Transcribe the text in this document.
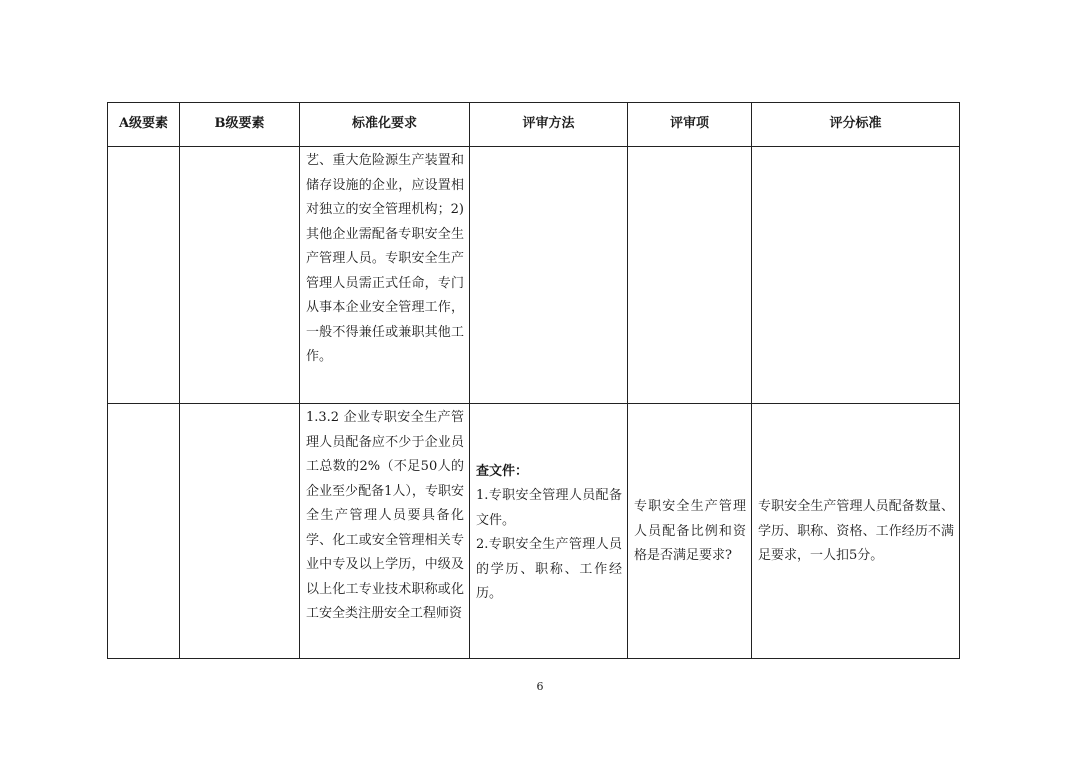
A级要素	B级要素	标准化要求	评审方法	评审项	评分标准

		艺、重大危险源生产装置和储存设施的企业，应设置相对独立的安全管理机构；2)其他企业需配备专职安全生产管理人员。专职安全生产管理人员需正式任命，专门从事本企业安全管理工作，一般不得兼任或兼职其他工作。			

		1.3.2 企业专职安全生产管理人员配备应不少于企业员工总数的2%（不足50人的企业至少配备1人），专职安全生产管理人员要具备化学、化工或安全管理相关专业中专及以上学历，中级及以上化工专业技术职称或化工安全类注册安全工程师资	查文件：
1.专职安全管理人员配备文件。
2.专职安全生产管理人员的学历、职称、工作经历。	专职安全生产管理人员配备比例和资格是否满足要求?	专职安全生产管理人员配备数量、学历、职称、资格、工作经历不满足要求，一人扣5分。
6
